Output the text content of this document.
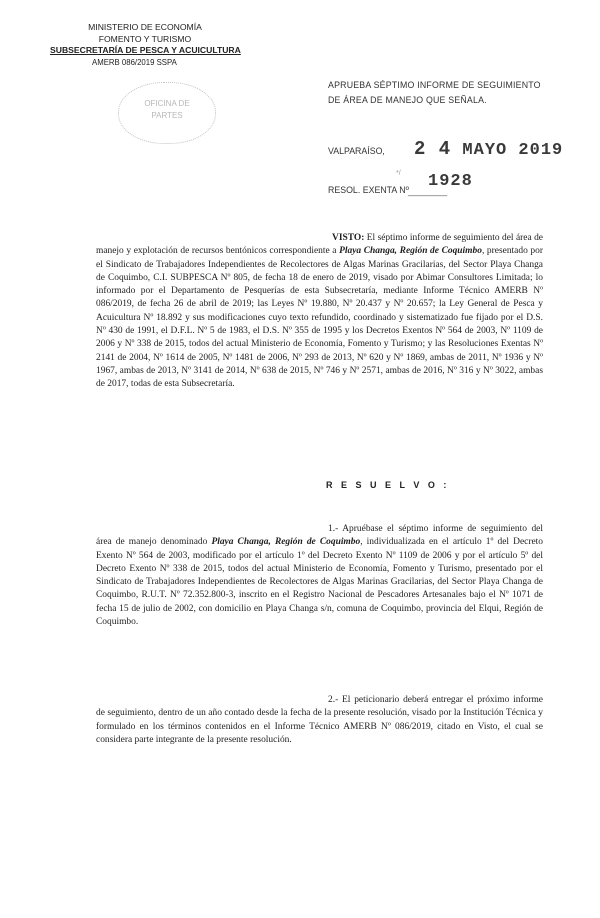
MINISTERIO DE ECONOMÍA
FOMENTO Y TURISMO
SUBSECRETARÍA DE PESCA Y ACUICULTURA
AMERB 086/2019 SSPA
OFICINA DE
PARTES
APRUEBA SÉPTIMO INFORME DE SEGUIMIENTO
DE ÁREA DE MANEJO QUE SEÑALA.
VALPARAÍSO, 2 4 MAYO 2019
RESOL. EXENTA Nº
*/
________
1928
VISTO: El séptimo informe de seguimiento del área de manejo y explotación de recursos bentónicos correspondiente a Playa Changa, Región de Coquimbo, presentado por el Sindicato de Trabajadores Independientes de Recolectores de Algas Marinas Gracilarias, del Sector Playa Changa de Coquimbo, C.I. SUBPESCA Nº 805, de fecha 18 de enero de 2019, visado por Abimar Consultores Limitada; lo informado por el Departamento de Pesquerías de esta Subsecretaría, mediante Informe Técnico AMERB Nº 086/2019, de fecha 26 de abril de 2019; las Leyes Nº 19.880, Nº 20.437 y Nº 20.657; la Ley General de Pesca y Acuicultura Nº 18.892 y sus modificaciones cuyo texto refundido, coordinado y sistematizado fue fijado por el D.S. Nº 430 de 1991, el D.F.L. Nº 5 de 1983, el D.S. Nº 355 de 1995 y los Decretos Exentos Nº 564 de 2003, Nº 1109 de 2006 y Nº 338 de 2015, todos del actual Ministerio de Economía, Fomento y Turismo; y las Resoluciones Exentas Nº 2141 de 2004, Nº 1614 de 2005, Nº 1481 de 2006, Nº 293 de 2013, Nº 620 y Nº 1869, ambas de 2011, Nº 1936 y Nº 1967, ambas de 2013, Nº 3141 de 2014, Nº 638 de 2015, Nº 746 y Nº 2571, ambas de 2016, Nº 316 y Nº 3022, ambas de 2017, todas de esta Subsecretaría.
R E S U E L V O :
1.- Apruébase el séptimo informe de seguimiento del área de manejo denominado Playa Changa, Región de Coquimbo, individualizada en el artículo 1º del Decreto Exento Nº 564 de 2003, modificado por el artículo 1º del Decreto Exento Nº 1109 de 2006 y por el artículo 5º del Decreto Exento Nº 338 de 2015, todos del actual Ministerio de Economía, Fomento y Turismo, presentado por el Sindicato de Trabajadores Independientes de Recolectores de Algas Marinas Gracilarias, del Sector Playa Changa de Coquimbo, R.U.T. Nº 72.352.800-3, inscrito en el Registro Nacional de Pescadores Artesanales bajo el Nº 1071 de fecha 15 de julio de 2002, con domicilio en Playa Changa s/n, comuna de Coquimbo, provincia del Elqui, Región de Coquimbo.
2.- El peticionario deberá entregar el próximo informe de seguimiento, dentro de un año contado desde la fecha de la presente resolución, visado por la Institución Técnica y formulado en los términos contenidos en el Informe Técnico AMERB Nº 086/2019, citado en Visto, el cual se considera parte integrante de la presente resolución.
